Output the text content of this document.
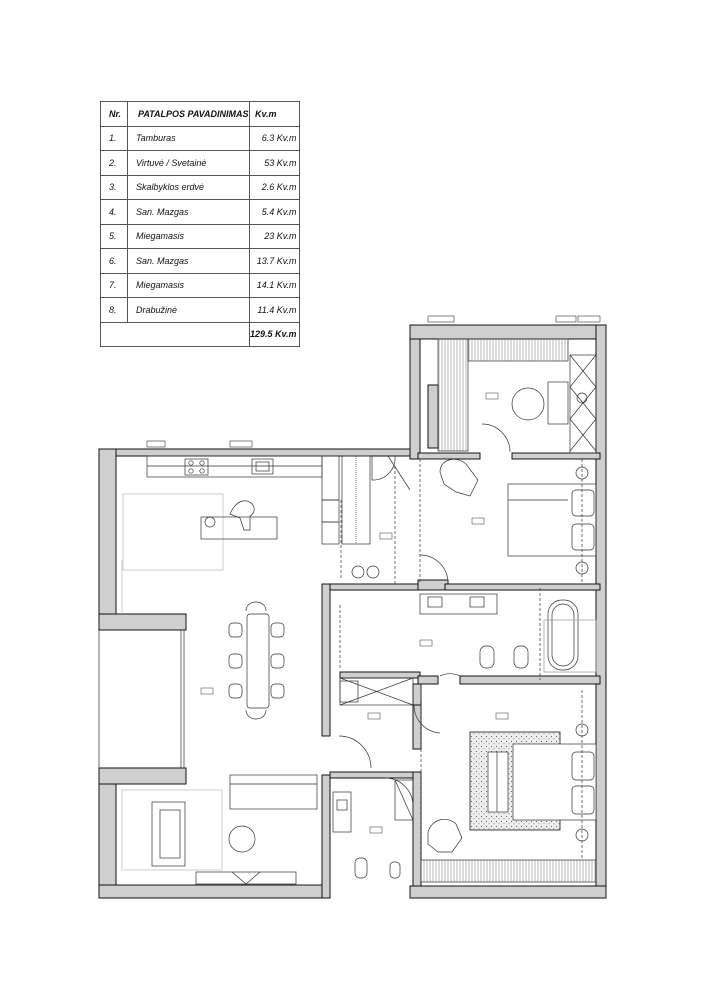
Nr.	PATALPOS PAVADINIMAS	Kv.m
1.	Tamburas	6.3 Kv.m
2.	Virtuvė / Svetainė	53 Kv.m
3.	Skalbyklos erdvė	2.6 Kv.m
4.	San. Mazgas	5.4 Kv.m
5.	Miegamasis	23 Kv.m
6.	San. Mazgas	13.7 Kv.m
7.	Miegamasis	14.1 Kv.m
8.	Drabužinė	11.4 Kv.m
		129.5 Kv.m
